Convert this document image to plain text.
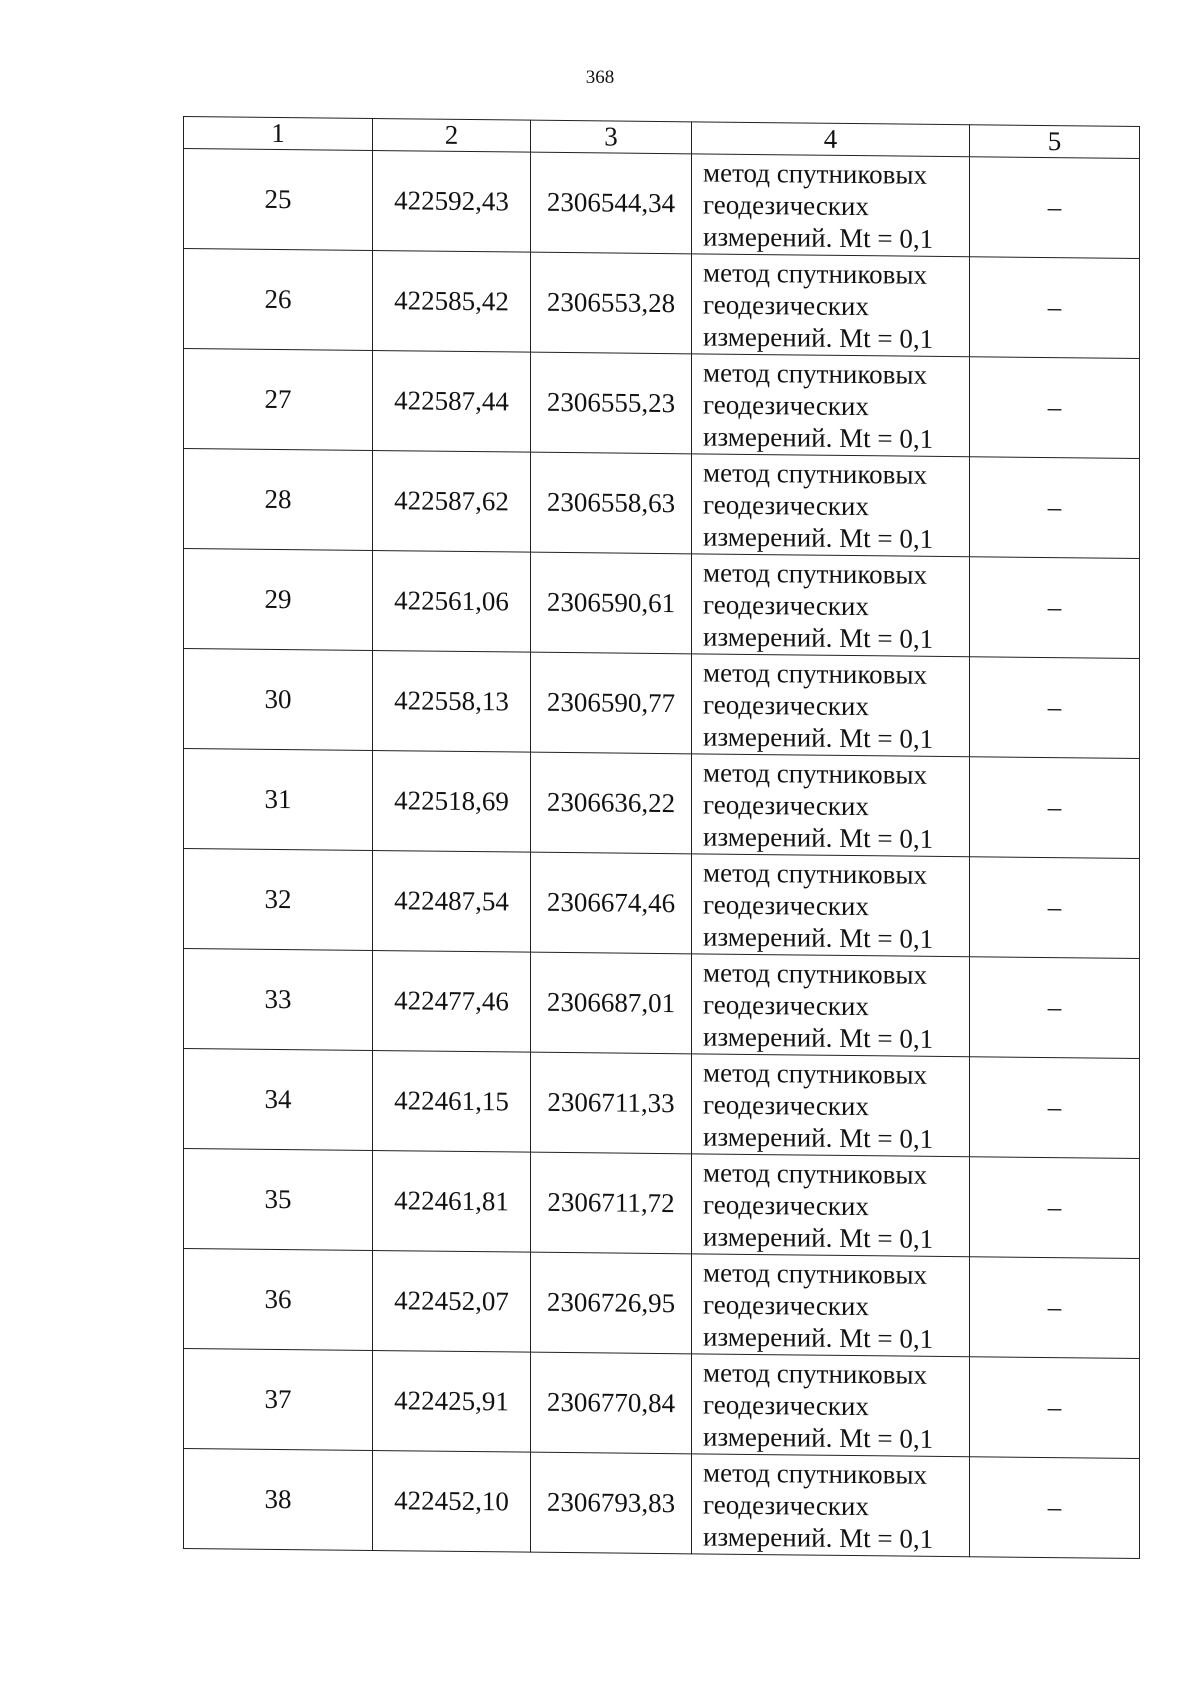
368
1	2	3	4	5
25	422592,43	2306544,34	метод спутниковых
геодезических
измерений. Mt = 0,1	–
26	422585,42	2306553,28	метод спутниковых
геодезических
измерений. Mt = 0,1	–
27	422587,44	2306555,23	метод спутниковых
геодезических
измерений. Mt = 0,1	–
28	422587,62	2306558,63	метод спутниковых
геодезических
измерений. Mt = 0,1	–
29	422561,06	2306590,61	метод спутниковых
геодезических
измерений. Mt = 0,1	–
30	422558,13	2306590,77	метод спутниковых
геодезических
измерений. Mt = 0,1	–
31	422518,69	2306636,22	метод спутниковых
геодезических
измерений. Mt = 0,1	–
32	422487,54	2306674,46	метод спутниковых
геодезических
измерений. Mt = 0,1	–
33	422477,46	2306687,01	метод спутниковых
геодезических
измерений. Mt = 0,1	–
34	422461,15	2306711,33	метод спутниковых
геодезических
измерений. Mt = 0,1	–
35	422461,81	2306711,72	метод спутниковых
геодезических
измерений. Mt = 0,1	–
36	422452,07	2306726,95	метод спутниковых
геодезических
измерений. Mt = 0,1	–
37	422425,91	2306770,84	метод спутниковых
геодезических
измерений. Mt = 0,1	–
38	422452,10	2306793,83	метод спутниковых
геодезических
измерений. Mt = 0,1	–
